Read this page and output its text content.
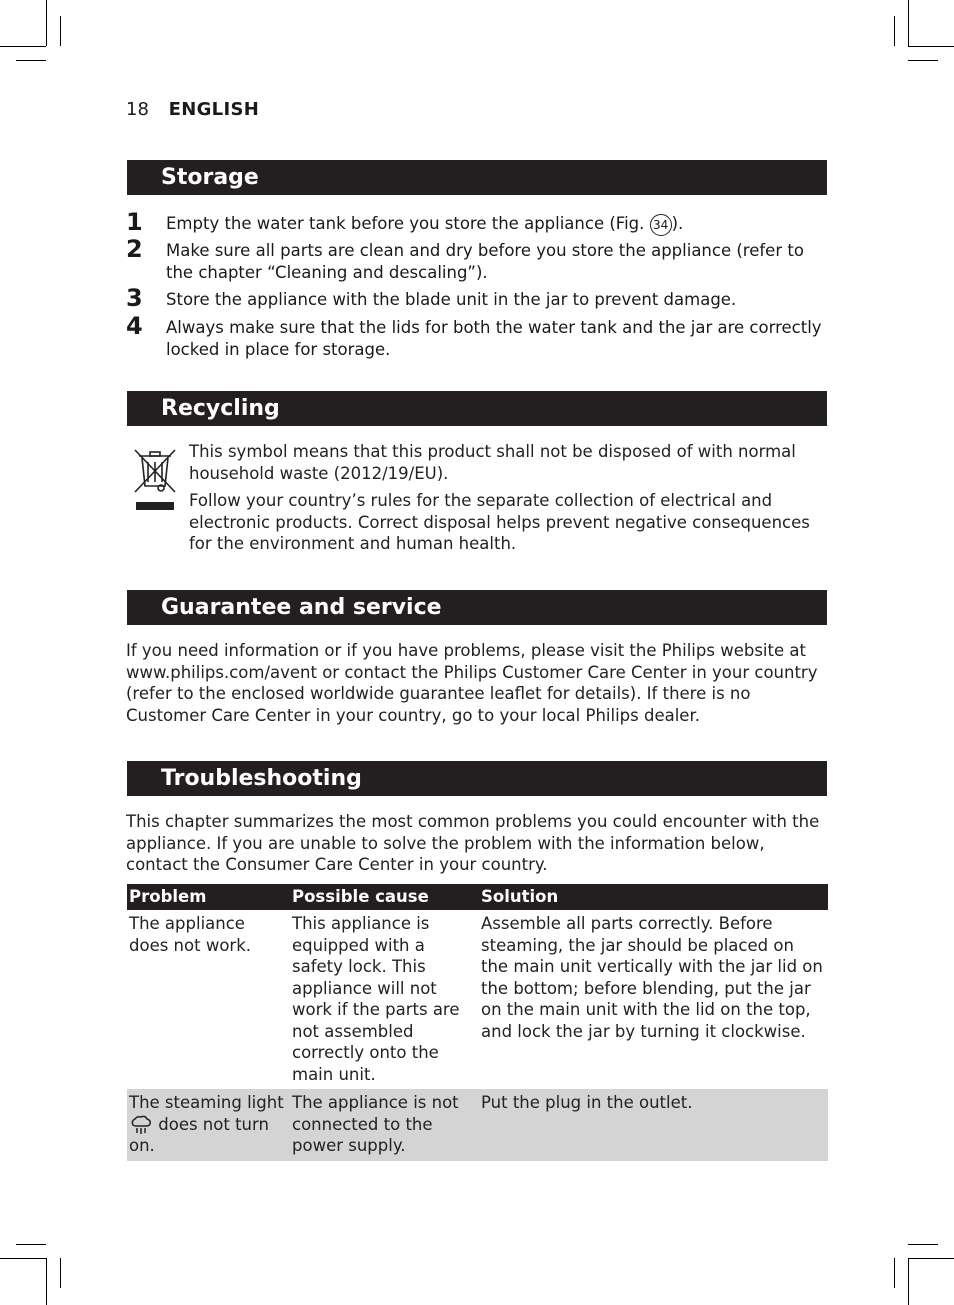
18 ENGLISH
Storage
1 Empty the water tank before you store the appliance (Fig. 34 ).
2 Make sure all parts are clean and dry before you store the appliance (refer to the chapter “Cleaning and descaling”).
3 Store the appliance with the blade unit in the jar to prevent damage.
4 Always make sure that the lids for both the water tank and the jar are correctly locked in place for storage.
Recycling
This symbol means that this product shall not be disposed of with normal household waste (2012/19/EU).
Follow your country’s rules for the separate collection of electrical and electronic products. Correct disposal helps prevent negative consequences for the environment and human health.
Guarantee and service
If you need information or if you have problems, please visit the Philips website at www.philips.com/avent or contact the Philips Customer Care Center in your country (refer to the enclosed worldwide guarantee leaflet for details). If there is no Customer Care Center in your country, go to your local Philips dealer.
Troubleshooting
This chapter summarizes the most common problems you could encounter with the appliance. If you are unable to solve the problem with the information below, contact the Consumer Care Center in your country.
Problem	Possible cause	Solution
The appliance does not work.	This appliance is equipped with a safety lock. This appliance will not work if the parts are not assembled correctly onto the main unit.	Assemble all parts correctly. Before steaming, the jar should be placed on the main unit vertically with the jar lid on the bottom; before blending, put the jar on the main unit with the lid on the top, and lock the jar by turning it clockwise.
The steaming light  does not turn on.	The appliance is not connected to the power supply.	Put the plug in the outlet.
